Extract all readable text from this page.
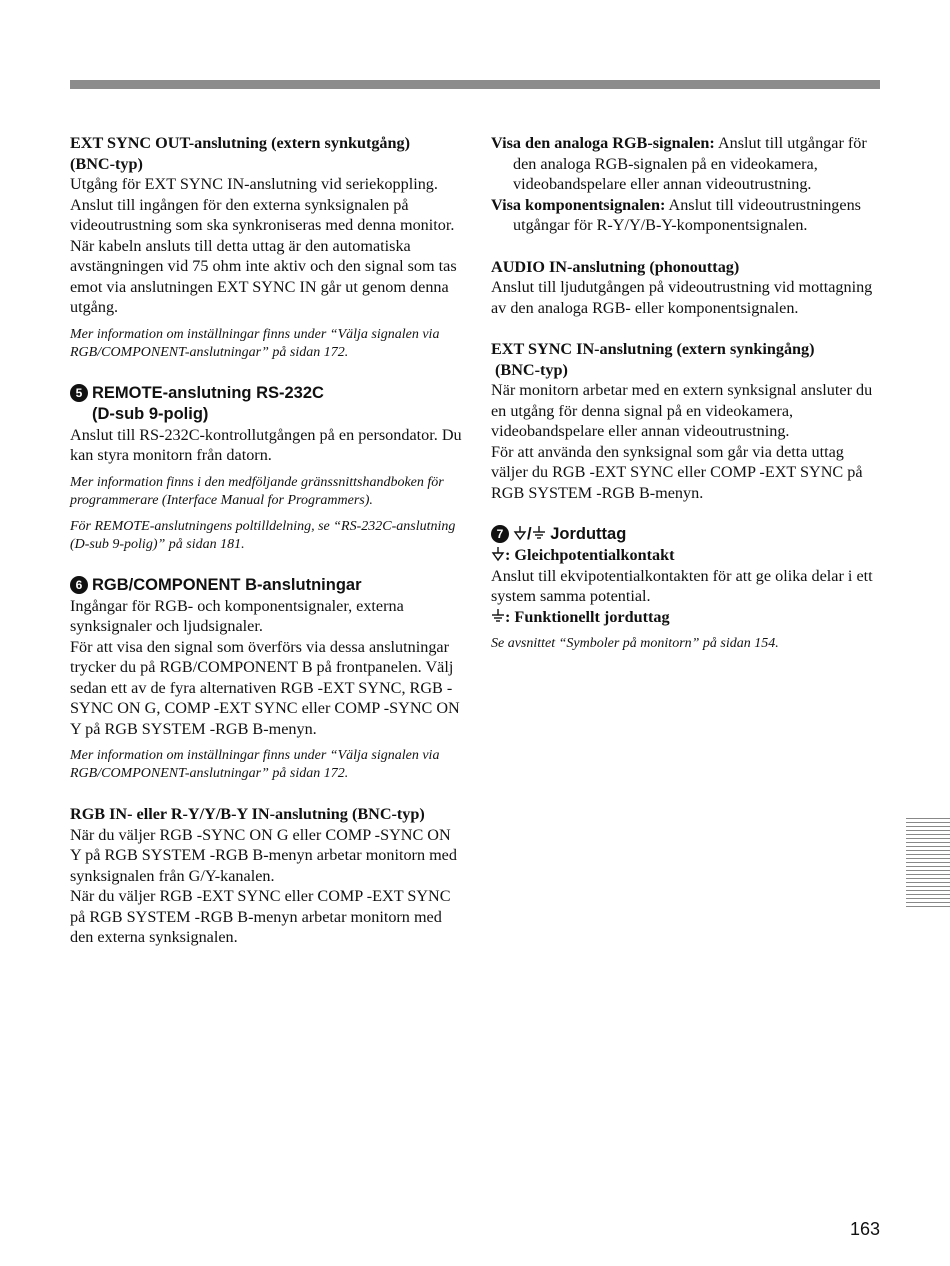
EXT SYNC OUT-anslutning (extern synkutgång)

(BNC-typ)

Utgång för EXT SYNC IN-anslutning vid seriekoppling.

Anslut till ingången för den externa synksignalen på videoutrustning som ska synkroniseras med denna monitor.

När kabeln ansluts till detta uttag är den automatiska avstängningen vid 75 ohm inte aktiv och den signal som tas emot via anslutningen EXT SYNC IN går ut genom denna utgång.

Mer information om inställningar finns under “Välja signalen via RGB/COMPONENT-anslutningar” på sidan 172.

5 REMOTE-anslutning RS-232C
(D-sub 9-polig)

Anslut till RS-232C-kontrollutgången på en persondator. Du kan styra monitorn från datorn.

Mer information finns i den medföljande gränssnittshandboken för programmerare (Interface Manual for Programmers).

För REMOTE-anslutningens poltilldelning, se “RS-232C-anslutning (D-sub 9-polig)” på sidan 181.

6 RGB/COMPONENT B-anslutningar

Ingångar för RGB- och komponentsignaler, externa synksignaler och ljudsignaler.

För att visa den signal som överförs via dessa anslutningar trycker du på RGB/COMPONENT B på frontpanelen. Välj sedan ett av de fyra alternativen RGB -EXT SYNC, RGB -SYNC ON G, COMP -EXT SYNC eller COMP -SYNC ON Y på RGB SYSTEM -RGB B-menyn.

Mer information om inställningar finns under “Välja signalen via RGB/COMPONENT-anslutningar” på sidan 172.

RGB IN- eller R-Y/Y/B-Y IN-anslutning (BNC-typ)

När du väljer RGB -SYNC ON G eller COMP -SYNC ON Y på RGB SYSTEM -RGB B-menyn arbetar monitorn med synksignalen från G/Y-kanalen.

När du väljer RGB -EXT SYNC eller COMP -EXT SYNC på RGB SYSTEM -RGB B-menyn arbetar monitorn med den externa synksignalen.

Visa den analoga RGB-signalen: Anslut till utgångar för den analoga RGB-signalen på en videokamera, videobandspelare eller annan videoutrustning.

Visa komponentsignalen: Anslut till videoutrustningens utgångar för R-Y/Y/B-Y-komponentsignalen.

AUDIO IN-anslutning (phonouttag)

Anslut till ljudutgången på videoutrustning vid mottagning av den analoga RGB- eller komponentsignalen.

EXT SYNC IN-anslutning (extern synkingång)

(BNC-typ)

När monitorn arbetar med en extern synksignal ansluter du en utgång för denna signal på en videokamera, videobandspelare eller annan videoutrustning.

För att använda den synksignal som går via detta uttag väljer du RGB -EXT SYNC eller COMP -EXT SYNC på RGB SYSTEM -RGB B-menyn.

7 / Jorduttag

: Gleichpotentialkontakt

Anslut till ekvipotentialkontakten för att ge olika delar i ett system samma potential.

: Funktionellt jorduttag

Se avsnittet “Symboler på monitorn” på sidan 154.

163
